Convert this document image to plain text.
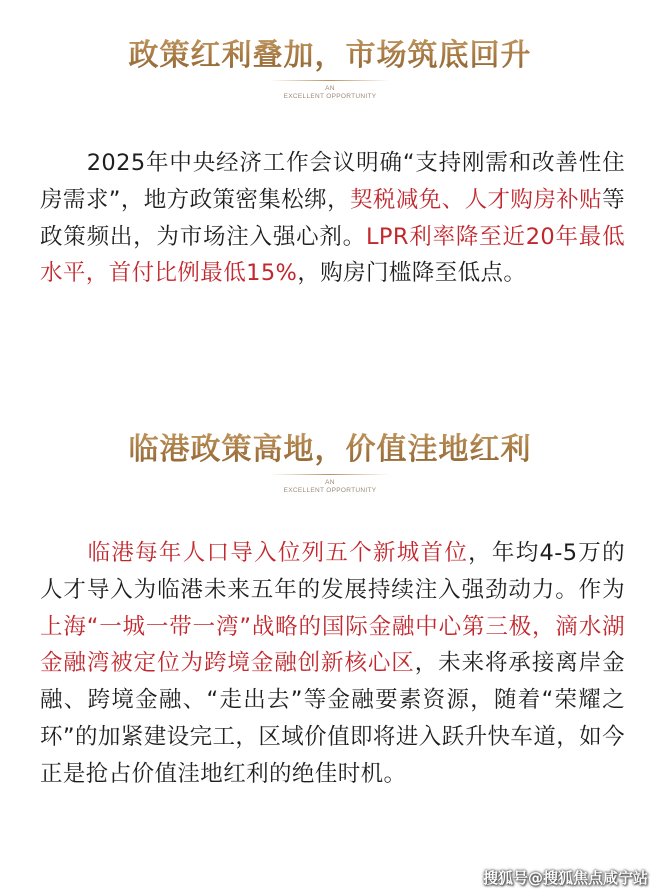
政策红利叠加，市场筑底回升
AN
EXCELLENT OPPORTUNITY

　　2025年中央经济工作会议明确“支持刚需和改善性住房需求”，地方政策密集松绑，契税减免、人才购房补贴等政策频出，为市场注入强心剂。LPR利率降至近20年最低水平，首付比例最低15%，购房门槛降至低点。

临港政策高地，价值洼地红利
AN
EXCELLENT OPPORTUNITY

　　临港每年人口导入位列五个新城首位，年均4-5万的人才导入为临港未来五年的发展持续注入强劲动力。作为上海“一城一带一湾”战略的国际金融中心第三极，滴水湖金融湾被定位为跨境金融创新核心区，未来将承接离岸金融、跨境金融、“走出去”等金融要素资源，随着“荣耀之环”的加紧建设完工，区域价值即将进入跃升快车道，如今正是抢占价值洼地红利的绝佳时机。

搜狐号@搜狐焦点咸宁站
